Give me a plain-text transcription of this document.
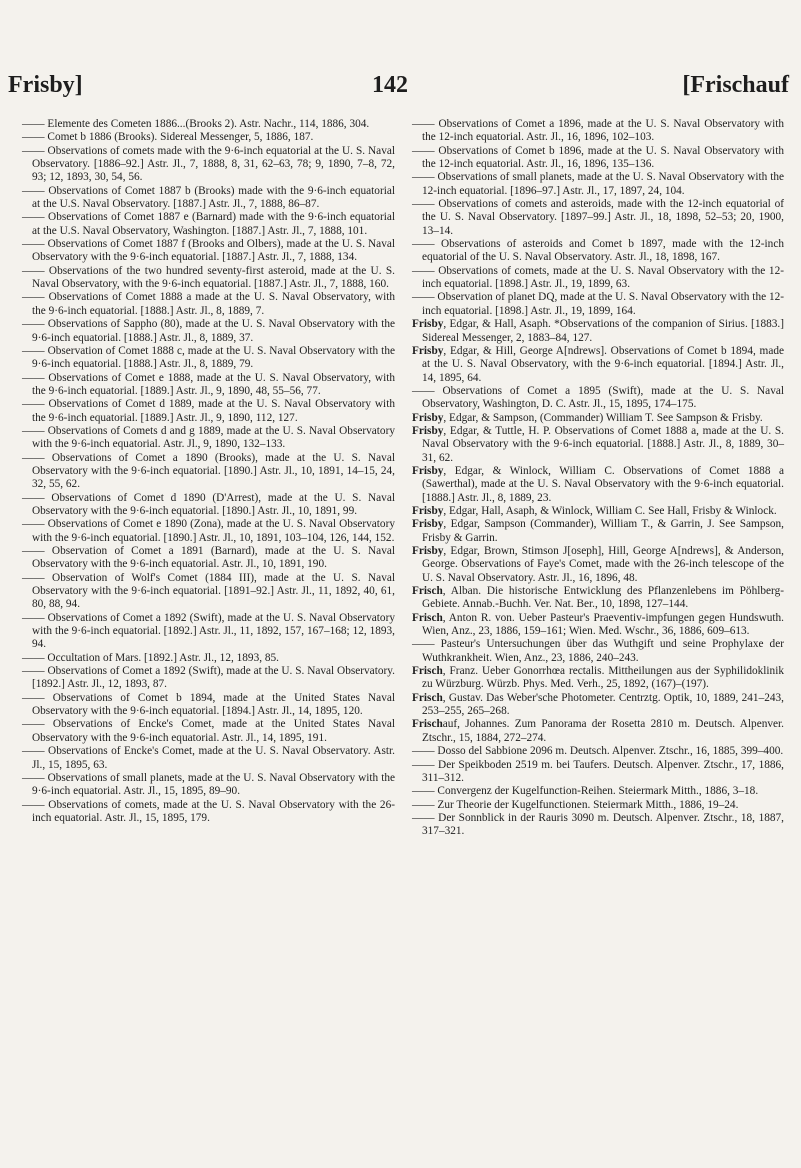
Frisby]	142	[Frischauf

—— Elemente des Cometen 1886...(Brooks 2). Astr. Nachr., 114, 1886, 304.

—— Comet b 1886 (Brooks). Sidereal Messenger, 5, 1886, 187.

—— Observations of comets made with the 9·6-inch equatorial at the U. S. Naval Observatory. [1886–92.] Astr. Jl., 7, 1888, 8, 31, 62–63, 78; 9, 1890, 7–8, 72, 93; 12, 1893, 30, 54, 56.

—— Observations of Comet 1887 b (Brooks) made with the 9·6-inch equatorial at the U.S. Naval Observatory. [1887.] Astr. Jl., 7, 1888, 86–87.

—— Observations of Comet 1887 e (Barnard) made with the 9·6-inch equatorial at the U.S. Naval Observatory, Washington. [1887.] Astr. Jl., 7, 1888, 101.

—— Observations of Comet 1887 f (Brooks and Olbers), made at the U. S. Naval Observatory with the 9·6-inch equatorial. [1887.] Astr. Jl., 7, 1888, 134.

—— Observations of the two hundred seventy-first asteroid, made at the U. S. Naval Observatory, with the 9·6-inch equatorial. [1887.] Astr. Jl., 7, 1888, 160.

—— Observations of Comet 1888 a made at the U. S. Naval Observatory, with the 9·6-inch equatorial. [1888.] Astr. Jl., 8, 1889, 7.

—— Observations of Sappho (80), made at the U. S. Naval Observatory with the 9·6-inch equatorial. [1888.] Astr. Jl., 8, 1889, 37.

—— Observation of Comet 1888 c, made at the U. S. Naval Observatory with the 9·6-inch equatorial. [1888.] Astr. Jl., 8, 1889, 79.

—— Observations of Comet e 1888, made at the U. S. Naval Observatory, with the 9·6-inch equatorial. [1889.] Astr. Jl., 9, 1890, 48, 55–56, 77.

—— Observations of Comet d 1889, made at the U. S. Naval Observatory with the 9·6-inch equatorial. [1889.] Astr. Jl., 9, 1890, 112, 127.

—— Observations of Comets d and g 1889, made at the U. S. Naval Observatory with the 9·6-inch equatorial. Astr. Jl., 9, 1890, 132–133.

—— Observations of Comet a 1890 (Brooks), made at the U. S. Naval Observatory with the 9·6-inch equatorial. [1890.] Astr. Jl., 10, 1891, 14–15, 24, 32, 55, 62.

—— Observations of Comet d 1890 (D'Arrest), made at the U. S. Naval Observatory with the 9·6-inch equatorial. [1890.] Astr. Jl., 10, 1891, 99.

—— Observations of Comet e 1890 (Zona), made at the U. S. Naval Observatory with the 9·6-inch equatorial. [1890.] Astr. Jl., 10, 1891, 103–104, 126, 144, 152.

—— Observation of Comet a 1891 (Barnard), made at the U. S. Naval Observatory with the 9·6-inch equatorial. Astr. Jl., 10, 1891, 190.

—— Observation of Wolf's Comet (1884 III), made at the U. S. Naval Observatory with the 9·6-inch equatorial. [1891–92.] Astr. Jl., 11, 1892, 40, 61, 80, 88, 94.

—— Observations of Comet a 1892 (Swift), made at the U. S. Naval Observatory with the 9·6-inch equatorial. [1892.] Astr. Jl., 11, 1892, 157, 167–168; 12, 1893, 94.

—— Occultation of Mars. [1892.] Astr. Jl., 12, 1893, 85.

—— Observations of Comet a 1892 (Swift), made at the U. S. Naval Observatory. [1892.] Astr. Jl., 12, 1893, 87.

—— Observations of Comet b 1894, made at the United States Naval Observatory with the 9·6-inch equatorial. [1894.] Astr. Jl., 14, 1895, 120.

—— Observations of Encke's Comet, made at the United States Naval Observatory with the 9·6-inch equatorial. Astr. Jl., 14, 1895, 191.

—— Observations of Encke's Comet, made at the U. S. Naval Observatory. Astr. Jl., 15, 1895, 63.

—— Observations of small planets, made at the U. S. Naval Observatory with the 9·6-inch equatorial. Astr. Jl., 15, 1895, 89–90.

—— Observations of comets, made at the U. S. Naval Observatory with the 26-inch equatorial. Astr. Jl., 15, 1895, 179.

—— Observations of Comet a 1896, made at the U. S. Naval Observatory with the 12-inch equatorial. Astr. Jl., 16, 1896, 102–103.

—— Observations of Comet b 1896, made at the U. S. Naval Observatory with the 12-inch equatorial. Astr. Jl., 16, 1896, 135–136.

—— Observations of small planets, made at the U. S. Naval Observatory with the 12-inch equatorial. [1896–97.] Astr. Jl., 17, 1897, 24, 104.

—— Observations of comets and asteroids, made with the 12-inch equatorial of the U. S. Naval Observatory. [1897–99.] Astr. Jl., 18, 1898, 52–53; 20, 1900, 13–14.

—— Observations of asteroids and Comet b 1897, made with the 12-inch equatorial of the U. S. Naval Observatory. Astr. Jl., 18, 1898, 167.

—— Observations of comets, made at the U. S. Naval Observatory with the 12-inch equatorial. [1898.] Astr. Jl., 19, 1899, 63.

—— Observation of planet DQ, made at the U. S. Naval Observatory with the 12-inch equatorial. [1898.] Astr. Jl., 19, 1899, 164.

Frisby, Edgar, & Hall, Asaph. *Observations of the companion of Sirius. [1883.] Sidereal Messenger, 2, 1883–84, 127.

Frisby, Edgar, & Hill, George A[ndrews]. Observations of Comet b 1894, made at the U. S. Naval Observatory, with the 9·6-inch equatorial. [1894.] Astr. Jl., 14, 1895, 64.

—— Observations of Comet a 1895 (Swift), made at the U. S. Naval Observatory, Washington, D. C. Astr. Jl., 15, 1895, 174–175.

Frisby, Edgar, & Sampson, (Commander) William T. See Sampson & Frisby.

Frisby, Edgar, & Tuttle, H. P. Observations of Comet 1888 a, made at the U. S. Naval Observatory with the 9·6-inch equatorial. [1888.] Astr. Jl., 8, 1889, 30–31, 62.

Frisby, Edgar, & Winlock, William C. Observations of Comet 1888 a (Sawerthal), made at the U. S. Naval Observatory with the 9·6-inch equatorial. [1888.] Astr. Jl., 8, 1889, 23.

Frisby, Edgar, Hall, Asaph, & Winlock, William C. See Hall, Frisby & Winlock.

Frisby, Edgar, Sampson (Commander), William T., & Garrin, J. See Sampson, Frisby & Garrin.

Frisby, Edgar, Brown, Stimson J[oseph], Hill, George A[ndrews], & Anderson, George. Observations of Faye's Comet, made with the 26-inch telescope of the U. S. Naval Observatory. Astr. Jl., 16, 1896, 48.

Frisch, Alban. Die historische Entwicklung des Pflanzenlebens im Pöhlberg-Gebiete. Annab.-Buchh. Ver. Nat. Ber., 10, 1898, 127–144.

Frisch, Anton R. von. Ueber Pasteur's Praeventiv-impfungen gegen Hundswuth. Wien, Anz., 23, 1886, 159–161; Wien. Med. Wschr., 36, 1886, 609–613.

—— Pasteur's Untersuchungen über das Wuthgift und seine Prophylaxe der Wuthkrankheit. Wien, Anz., 23, 1886, 240–243.

Frisch, Franz. Ueber Gonorrhœa rectalis. Mittheilungen aus der Syphilidoklinik zu Würzburg. Würzb. Phys. Med. Verh., 25, 1892, (167)–(197).

Frisch, Gustav. Das Weber'sche Photometer. Centrztg. Optik, 10, 1889, 241–243, 253–255, 265–268.

Frischauf, Johannes. Zum Panorama der Rosetta 2810 m. Deutsch. Alpenver. Ztschr., 15, 1884, 272–274.

—— Dosso del Sabbione 2096 m. Deutsch. Alpenver. Ztschr., 16, 1885, 399–400.

—— Der Speikboden 2519 m. bei Taufers. Deutsch. Alpenver. Ztschr., 17, 1886, 311–312.

—— Convergenz der Kugelfunction-Reihen. Steiermark Mitth., 1886, 3–18.

—— Zur Theorie der Kugelfunctionen. Steiermark Mitth., 1886, 19–24.

—— Der Sonnblick in der Rauris 3090 m. Deutsch. Alpenver. Ztschr., 18, 1887, 317–321.
